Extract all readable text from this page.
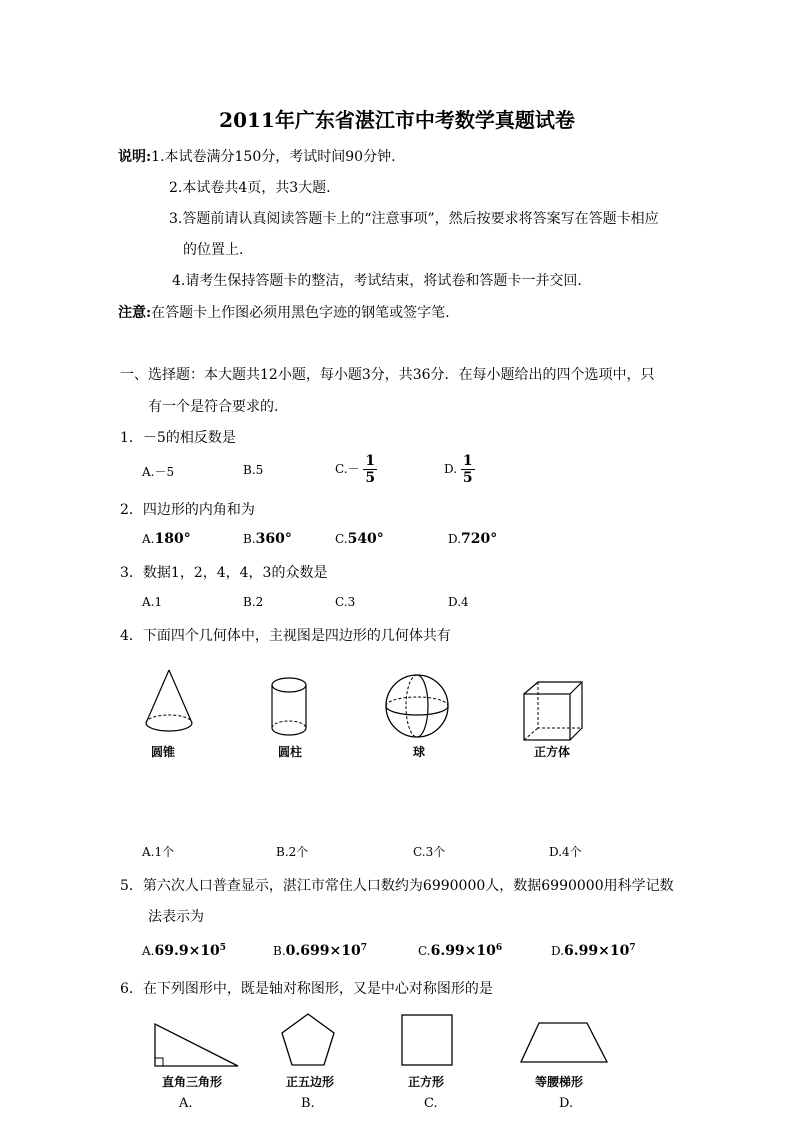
2011年广东省湛江市中考数学真题试卷
说明:1.本试卷满分150分，考试时间90分钟.
2.本试卷共4页，共3大题.
3.答题前请认真阅读答题卡上的“注意事项”，然后按要求将答案写在答题卡相应
的位置上.
4.请考生保持答题卡的整洁，考试结束，将试卷和答题卡一并交回.
注意:在答题卡上作图必须用黑色字迹的钢笔或签字笔.
一、选择题：本大题共12小题，每小题3分，共36分．在每小题给出的四个选项中，只
有一个是符合要求的.
1．－5的相反数是
A.－5	B.5	$C.- \frac{1}{5}$	D. $\frac{1}{5}$
2．四边形的内角和为
A.180°	B.360°	C.540°	D.720°
3．数据1，2，4，4，3的众数是
A.1	B.2	C.3	D.4
4．下面四个几何体中，主视图是四边形的几何体共有
圆锥	圆柱	球	正方体
A.1个	B.2个	C.3个	D.4个
5．第六次人口普查显示，湛江市常住人口数约为6990000人，数据6990000用科学记数
法表示为
$A.69.9\times 10^5$	$B.0.699\times 10^7$	$C.6.99\times 10^6$	$D.6.99\times 10^7$
6．在下列图形中，既是轴对称图形，又是中心对称图形的是
直角三角形	正五边形	正方形	等腰梯形
A.	B.	C.	D.
